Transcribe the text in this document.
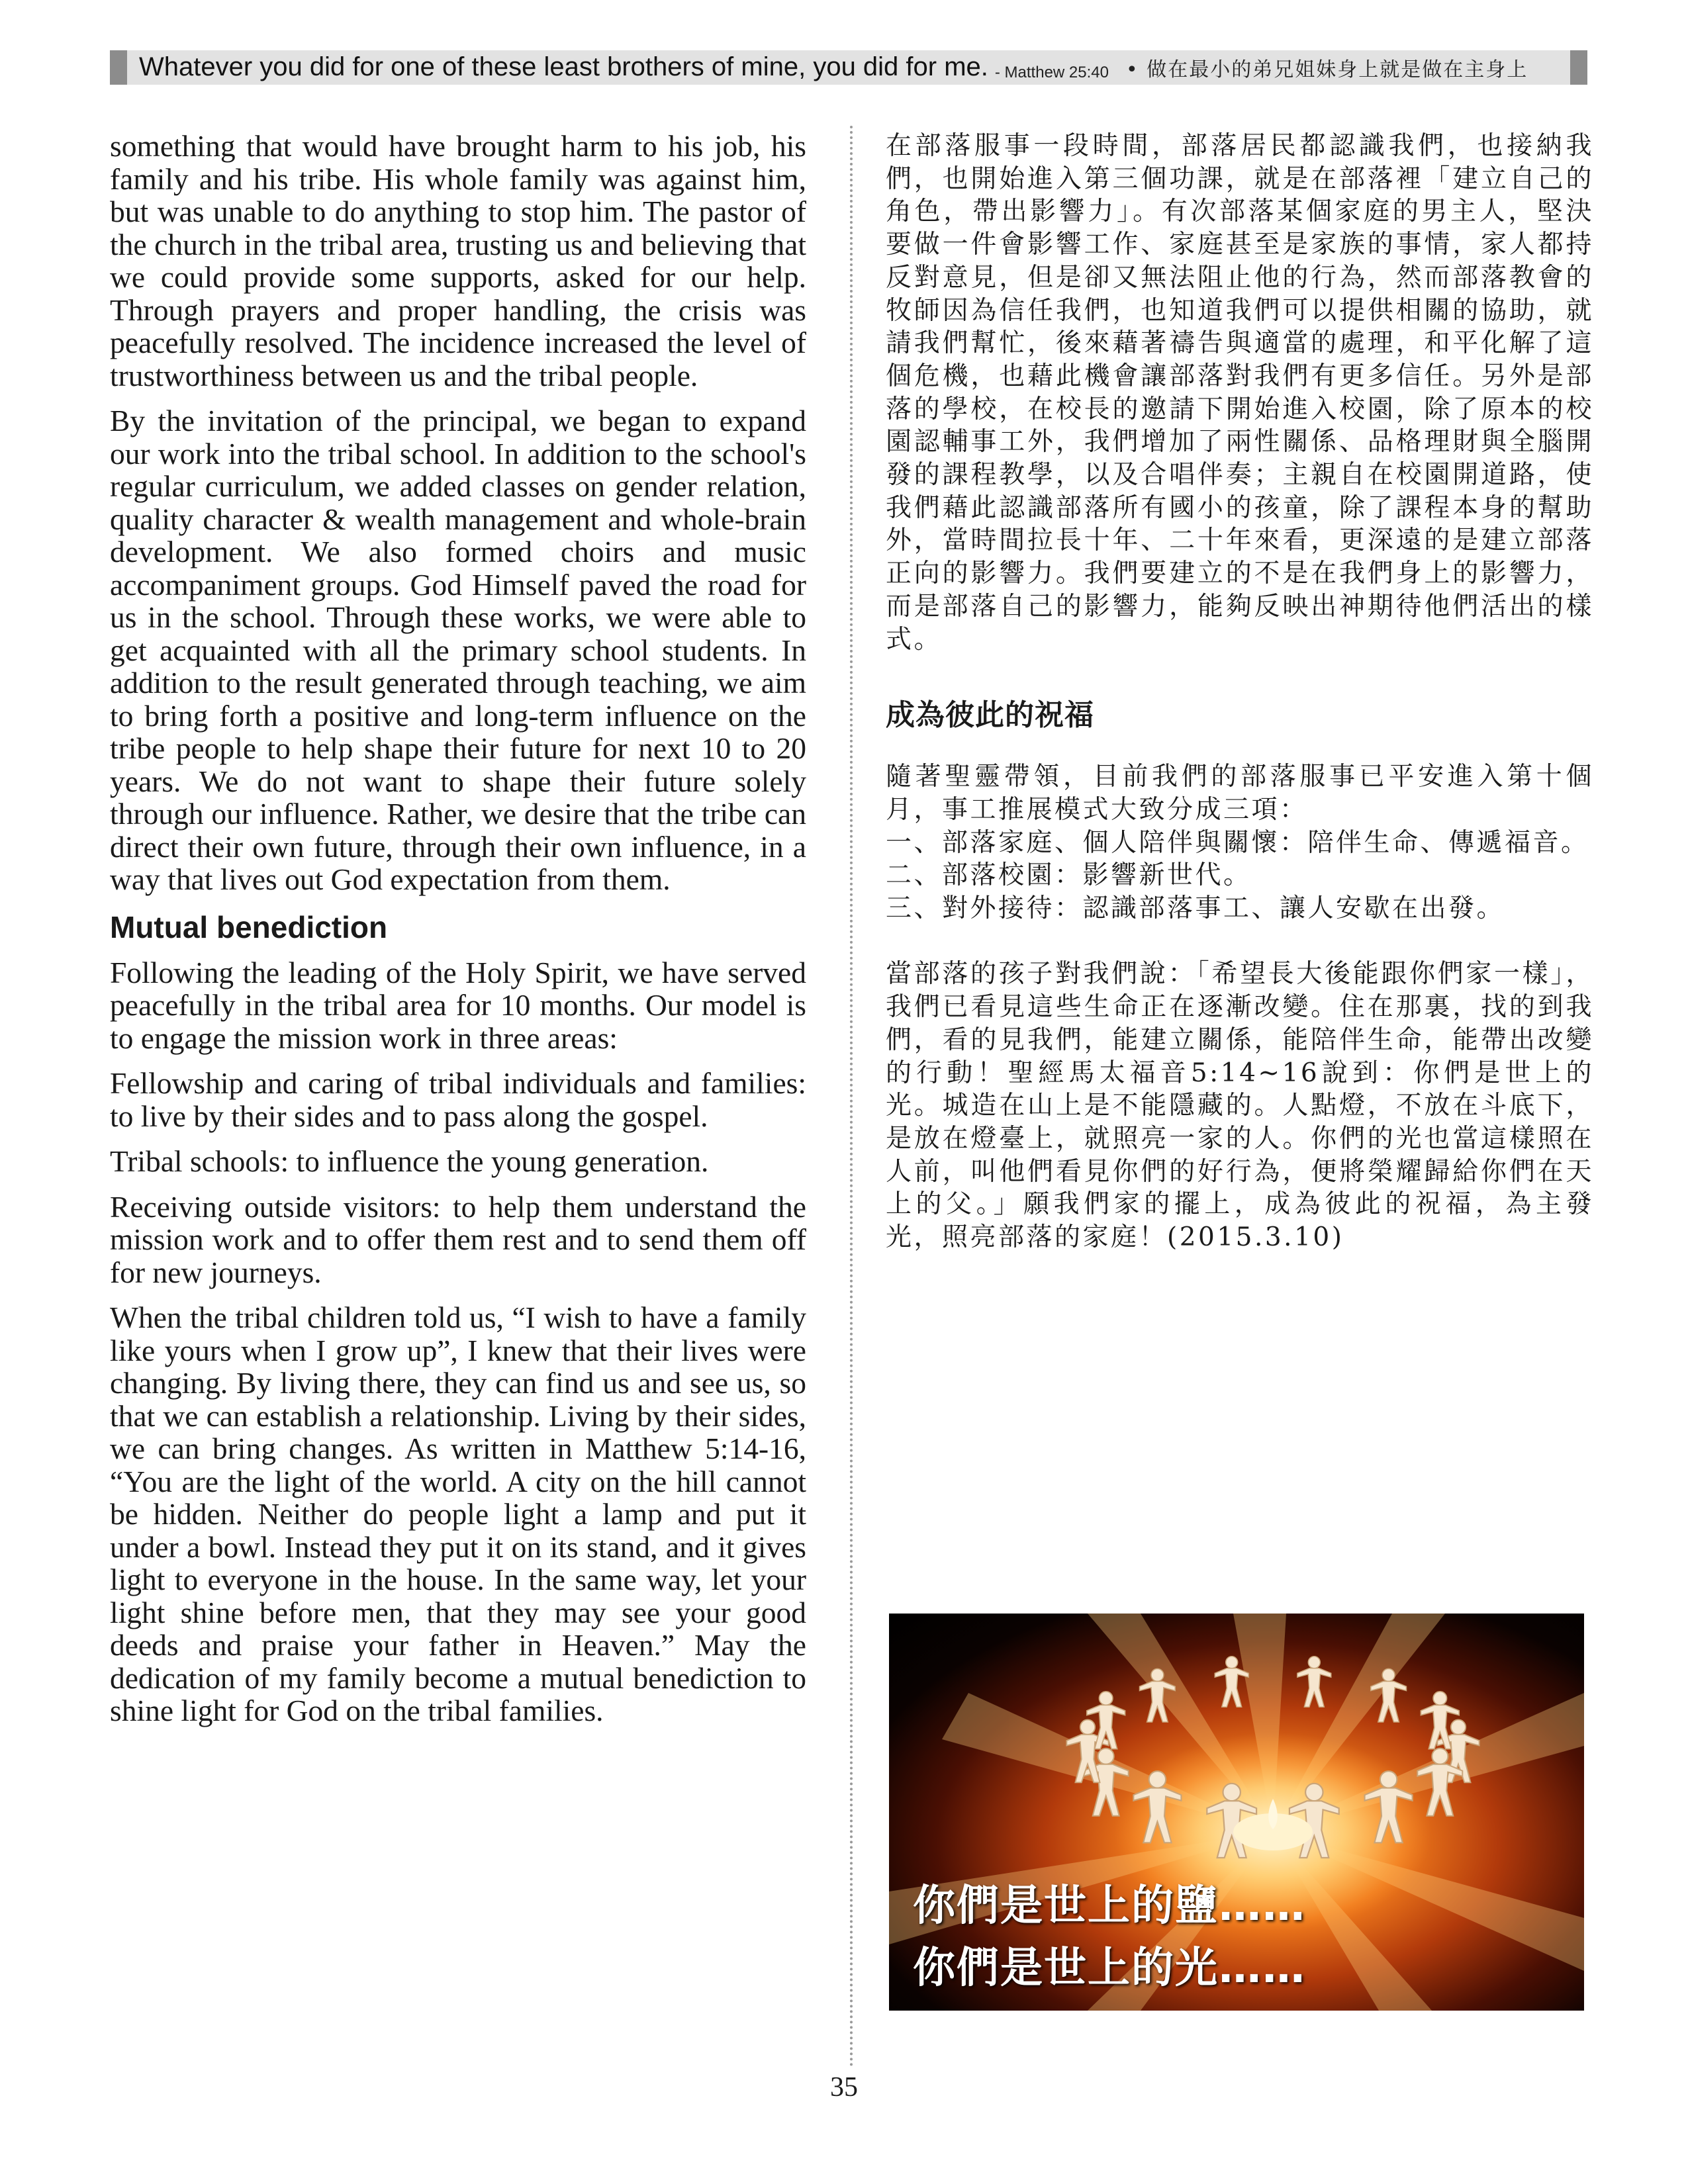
Whatever you did for one of these least brothers of mine, you did for me. - Matthew 25:40 • 做在最小的弟兄姐妹身上就是做在主身上

something that would have brought harm to his job, his family and his tribe. His whole family was against him, but was unable to do anything to stop him. The pastor of the church in the tribal area, trusting us and believing that we could provide some supports, asked for our help. Through prayers and proper handling, the crisis was peacefully resolved. The incidence increased the level of trustworthiness between us and the tribal people.

By the invitation of the principal, we began to expand our work into the tribal school. In addition to the school's regular curriculum, we added classes on gender relation, quality character & wealth management and whole-brain development. We also formed choirs and music accompaniment groups. God Himself paved the road for us in the school. Through these works, we were able to get acquainted with all the primary school students. In addition to the result generated through teaching, we aim to bring forth a positive and long-term influence on the tribe people to help shape their future for next 10 to 20 years. We do not want to shape their future solely through our influence. Rather, we desire that the tribe can direct their own future, through their own influence, in a way that lives out God expectation from them.

Mutual benediction

Following the leading of the Holy Spirit, we have served peacefully in the tribal area for 10 months. Our model is to engage the mission work in three areas:

Fellowship and caring of tribal individuals and families: to live by their sides and to pass along the gospel.

Tribal schools: to influence the young generation.

Receiving outside visitors: to help them understand the mission work and to offer them rest and to send them off for new journeys.

When the tribal children told us, “I wish to have a family like yours when I grow up”, I knew that their lives were changing. By living there, they can find us and see us, so that we can establish a relationship. Living by their sides, we can bring changes. As written in Matthew 5:14-16, “You are the light of the world. A city on the hill cannot be hidden. Neither do people light a lamp and put it under a bowl. Instead they put it on its stand, and it gives light to everyone in the house. In the same way, let your light shine before men, that they may see your good deeds and praise your father in Heaven.” May the dedication of my family become a mutual benediction to shine light for God on the tribal families.

在部落服事一段時間，部落居民都認識我們，也接納我們，也開始進入第三個功課，就是在部落裡「建立自己的角色，帶出影響力」。有次部落某個家庭的男主人，堅決要做一件會影響工作、家庭甚至是家族的事情，家人都持反對意見，但是卻又無法阻止他的行為，然而部落教會的牧師因為信任我們，也知道我們可以提供相關的協助，就請我們幫忙，後來藉著禱告與適當的處理，和平化解了這個危機，也藉此機會讓部落對我們有更多信任。另外是部落的學校，在校長的邀請下開始進入校園，除了原本的校園認輔事工外，我們增加了兩性關係、品格理財與全腦開發的課程教學，以及合唱伴奏；主親自在校園開道路，使我們藉此認識部落所有國小的孩童，除了課程本身的幫助外，當時間拉長十年、二十年來看，更深遠的是建立部落正向的影響力。我們要建立的不是在我們身上的影響力，而是部落自己的影響力，能夠反映出神期待他們活出的樣式。

成為彼此的祝福

隨著聖靈帶領，目前我們的部落服事已平安進入第十個月，事工推展模式大致分成三項：

一、部落家庭、個人陪伴與關懷：陪伴生命、傳遞福音。

二、部落校園：影響新世代。

三、對外接待：認識部落事工、讓人安歇在出發。

當部落的孩子對我們說：「希望長大後能跟你們家一樣」，我們已看見這些生命正在逐漸改變。住在那裏，找的到我們，看的見我們，能建立關係，能陪伴生命，能帶出改變的行動！聖經馬太福音5:14~16說到：你們是世上的光。城造在山上是不能隱藏的。人點燈，不放在斗底下，是放在燈臺上，就照亮一家的人。你們的光也當這樣照在人前，叫他們看見你們的好行為，便將榮耀歸給你們在天上的父。」願我們家的擺上，成為彼此的祝福，為主發光，照亮部落的家庭！(2015.3.10)

你們是世上的鹽……
你們是世上的光……
35
